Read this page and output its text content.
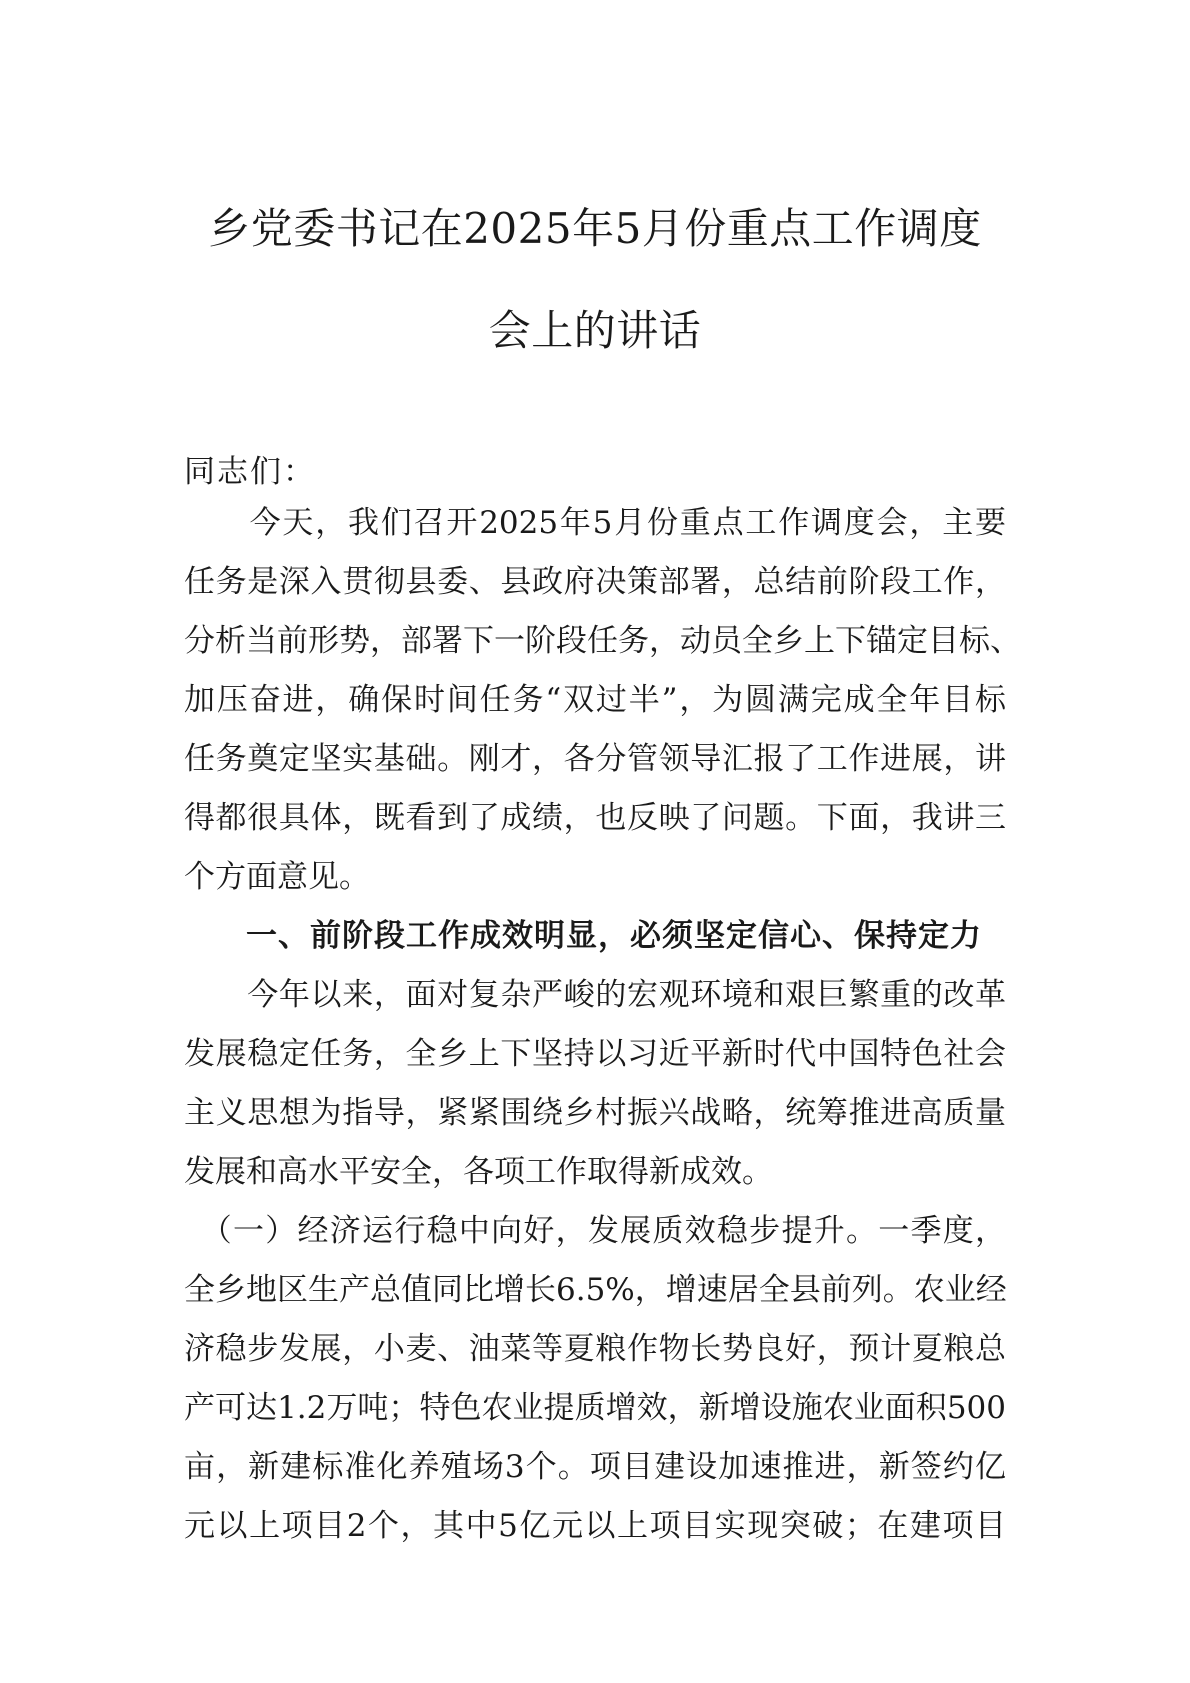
乡党委书记在2025年5月份重点工作调度
会上的讲话
同志们：
　　今天，我们召开2025年5月份重点工作调度会，主要
任务是深入贯彻县委、县政府决策部署，总结前阶段工作，
分析当前形势，部署下一阶段任务，动员全乡上下锚定目标、
加压奋进，确保时间任务“双过半”，为圆满完成全年目标
任务奠定坚实基础。刚才，各分管领导汇报了工作进展，讲
得都很具体，既看到了成绩，也反映了问题。下面，我讲三
个方面意见。
一、前阶段工作成效明显，必须坚定信心、保持定力
　　今年以来，面对复杂严峻的宏观环境和艰巨繁重的改革
发展稳定任务，全乡上下坚持以习近平新时代中国特色社会
主义思想为指导，紧紧围绕乡村振兴战略，统筹推进高质量
发展和高水平安全，各项工作取得新成效。
　（一）经济运行稳中向好，发展质效稳步提升。一季度，
全乡地区生产总值同比增长6.5%，增速居全县前列。农业经
济稳步发展，小麦、油菜等夏粮作物长势良好，预计夏粮总
产可达1.2万吨；特色农业提质增效，新增设施农业面积500
亩，新建标准化养殖场3个。项目建设加速推进，新签约亿
元以上项目2个，其中5亿元以上项目实现突破；在建项目
